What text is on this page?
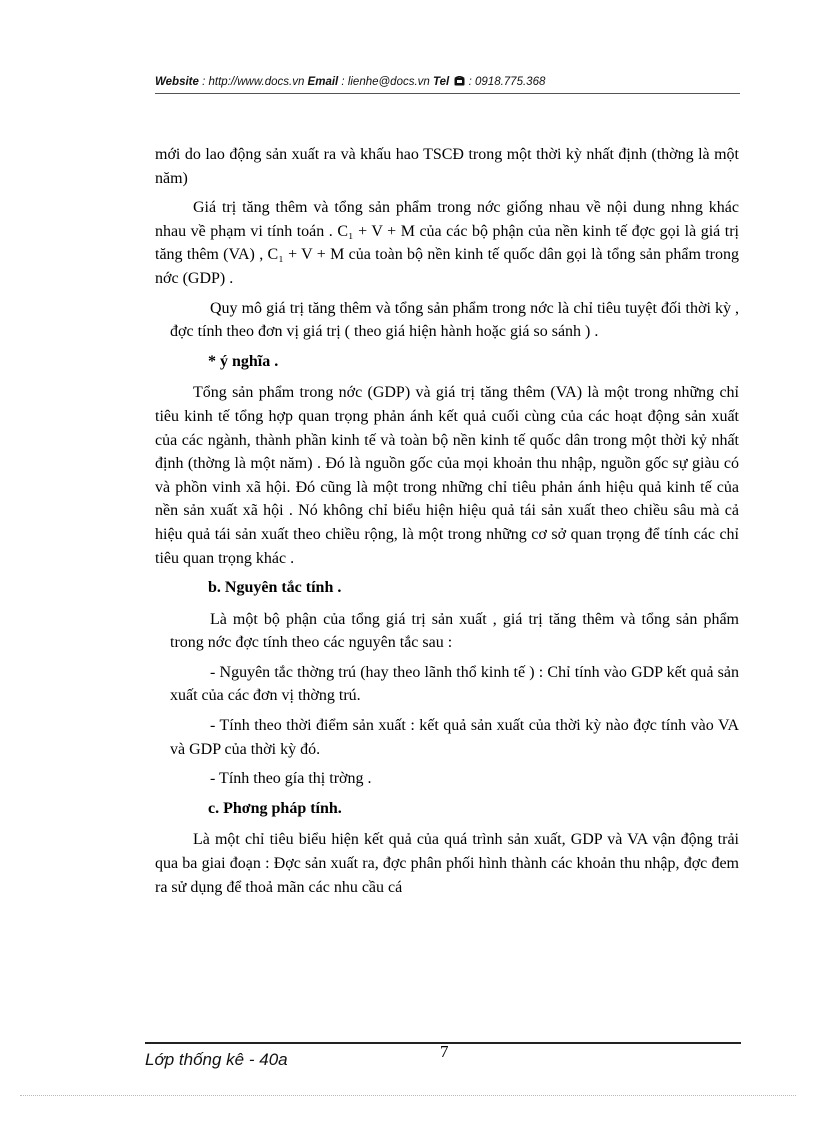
Website : http://www.docs.vn Email : lienhe@docs.vn Tel  : 0918.775.368

mới do lao động sản xuất ra và khấu hao TSCĐ trong một thời kỳ nhất định (thờng là một năm)

Giá trị tăng thêm và tổng sản phẩm trong nớc giống nhau về nội dung nhng khác nhau về phạm vi tính toán . C₁ + V + M của các bộ phận của nền kinh tế đợc gọi là giá trị tăng thêm (VA) , C₁ + V + M của toàn bộ nền kinh tế quốc dân gọi là tổng sản phẩm trong nớc (GDP) .

Quy mô giá trị tăng thêm và tổng sản phẩm trong nớc là chỉ tiêu tuyệt đối thời kỳ , đợc tính theo đơn vị giá trị ( theo giá hiện hành hoặc giá so sánh ) .

* ý nghĩa .

Tổng sản phẩm trong nớc (GDP) và giá trị tăng thêm (VA) là một trong những chỉ tiêu kinh tế tổng hợp quan trọng phản ánh kết quả cuối cùng của các hoạt động sản xuất của các ngành, thành phần kinh tế và toàn bộ nền kinh tế quốc dân trong một thời kỷ nhất định (thờng là một năm) . Đó là nguồn gốc của mọi khoản thu nhập, nguồn gốc sự giàu có và phồn vinh xã hội. Đó cũng là một trong những chỉ tiêu phản ánh hiệu quả kinh tế của nền sản xuất xã hội . Nó không chỉ biểu hiện hiệu quả tái sản xuất theo chiều sâu mà cả hiệu quả tái sản xuất theo chiều rộng, là một trong những cơ sở quan trọng để tính các chỉ tiêu quan trọng khác .

b. Nguyên tắc tính .

Là một bộ phận của tổng giá trị sản xuất , giá trị tăng thêm và tổng sản phẩm trong nớc đợc tính theo các nguyên tắc sau :

- Nguyên tắc thờng trú (hay theo lãnh thổ kinh tế ) : Chỉ tính vào GDP kết quả sản xuất của các đơn vị thờng trú.

- Tính theo thời điểm sản xuất : kết quả sản xuất của thời kỳ nào đợc tính vào VA và GDP của thời kỳ đó.

- Tính theo gía thị trờng .

c. Phơng pháp tính.

Là một chỉ tiêu biểu hiện kết quả của quá trình sản xuất, GDP và VA vận động trải qua ba giai đoạn : Đợc sản xuất ra, đợc phân phối hình thành các khoản thu nhập, đợc đem ra sử dụng để thoả mãn các nhu cầu cá

Lớp thống kê - 40a	7
